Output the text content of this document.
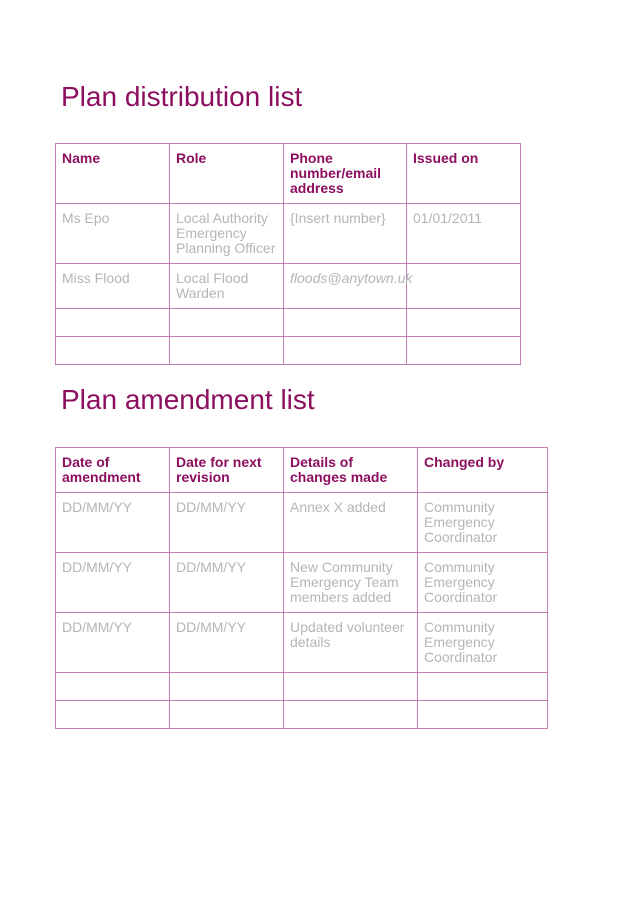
Plan distribution list
Name	Role	Phone number/email address	Issued on
Ms Epo	Local Authority Emergency Planning Officer	{Insert number}	01/01/2011
Miss Flood	Local Flood Warden	floods@anytown.uk	

Plan amendment list
Date of amendment	Date for next revision	Details of changes made	Changed by
DD/MM/YY	DD/MM/YY	Annex X added	Community Emergency Coordinator
DD/MM/YY	DD/MM/YY	New Community Emergency Team members added	Community Emergency Coordinator
DD/MM/YY	DD/MM/YY	Updated volunteer details	Community Emergency Coordinator
